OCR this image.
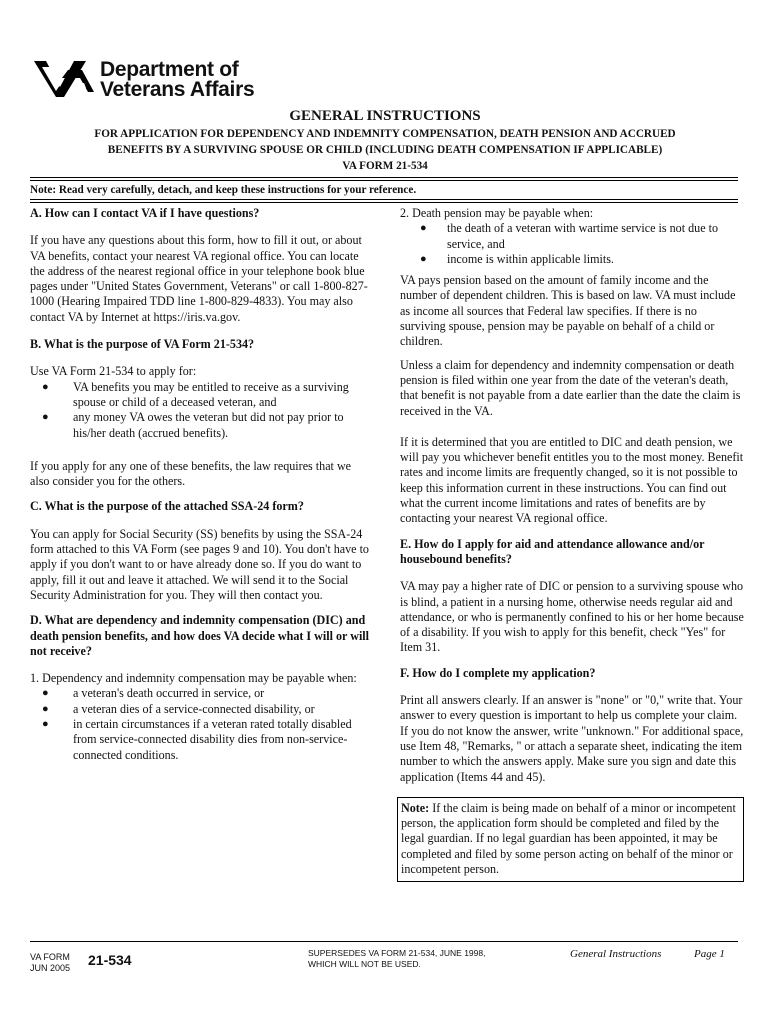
Department of
Veterans Affairs
GENERAL INSTRUCTIONS
FOR APPLICATION FOR DEPENDENCY AND INDEMNITY COMPENSATION, DEATH PENSION AND ACCRUED
BENEFITS BY A SURVIVING SPOUSE OR CHILD (INCLUDING DEATH COMPENSATION IF APPLICABLE)
VA FORM 21-534
Note: Read very carefully, detach, and keep these instructions for your reference.

A. How can I contact VA if I have questions?

If you have any questions about this form, how to fill it out, or about VA benefits, contact your nearest VA regional office. You can locate the address of the nearest regional office in your telephone book blue pages under "United States Government, Veterans" or call 1-800-827-1000 (Hearing Impaired TDD line 1-800-829-4833). You may also contact VA by Internet at https://iris.va.gov.

B. What is the purpose of VA Form 21-534?

Use VA Form 21-534 to apply for:

● VA benefits you may be entitled to receive as a surviving spouse or child of a deceased veteran, and
● any money VA owes the veteran but did not pay prior to his/her death (accrued benefits).

If you apply for any one of these benefits, the law requires that we also consider you for the others.

C. What is the purpose of the attached SSA-24 form?

You can apply for Social Security (SS) benefits by using the SSA-24 form attached to this VA Form (see pages 9 and 10). You don't have to apply if you don't want to or have already done so. If you do want to apply, fill it out and leave it attached. We will send it to the Social Security Administration for you. They will then contact you.

D. What are dependency and indemnity compensation (DIC) and death pension benefits, and how does VA decide what I will or will not receive?

1. Dependency and indemnity compensation may be payable when:

● a veteran's death occurred in service, or
● a veteran dies of a service-connected disability, or
● in certain circumstances if a veteran rated totally disabled from service-connected disability dies from non-service-connected conditions.

2. Death pension may be payable when:

● the death of a veteran with wartime service is not due to service, and
● income is within applicable limits.

VA pays pension based on the amount of family income and the number of dependent children. This is based on law. VA must include as income all sources that Federal law specifies. If there is no surviving spouse, pension may be payable on behalf of a child or children.

Unless a claim for dependency and indemnity compensation or death pension is filed within one year from the date of the veteran's death, that benefit is not payable from a date earlier than the date the claim is received in the VA.

If it is determined that you are entitled to DIC and death pension, we will pay you whichever benefit entitles you to the most money. Benefit rates and income limits are frequently changed, so it is not possible to keep this information current in these instructions. You can find out what the current income limitations and rates of benefits are by contacting your nearest VA regional office.

E. How do I apply for aid and attendance allowance and/or housebound benefits?

VA may pay a higher rate of DIC or pension to a surviving spouse who is blind, a patient in a nursing home, otherwise needs regular aid and attendance, or who is permanently confined to his or her home because of a disability. If you wish to apply for this benefit, check "Yes" for Item 31.

F. How do I complete my application?

Print all answers clearly. If an answer is "none" or "0," write that. Your answer to every question is important to help us complete your claim. If you do not know the answer, write "unknown." For additional space, use Item 48, "Remarks, " or attach a separate sheet, indicating the item number to which the answers apply. Make sure you sign and date this application (Items 44 and 45).

Note: If the claim is being made on behalf of a minor or incompetent person, the application form should be completed and filed by the legal guardian. If no legal guardian has been appointed, it may be completed and filed by some person acting on behalf of the minor or incompetent person.
VA FORM
JUN 2005 21-534	SUPERSEDES VA FORM 21-534, JUNE 1998,
WHICH WILL NOT BE USED.
General Instructions	Page 1
